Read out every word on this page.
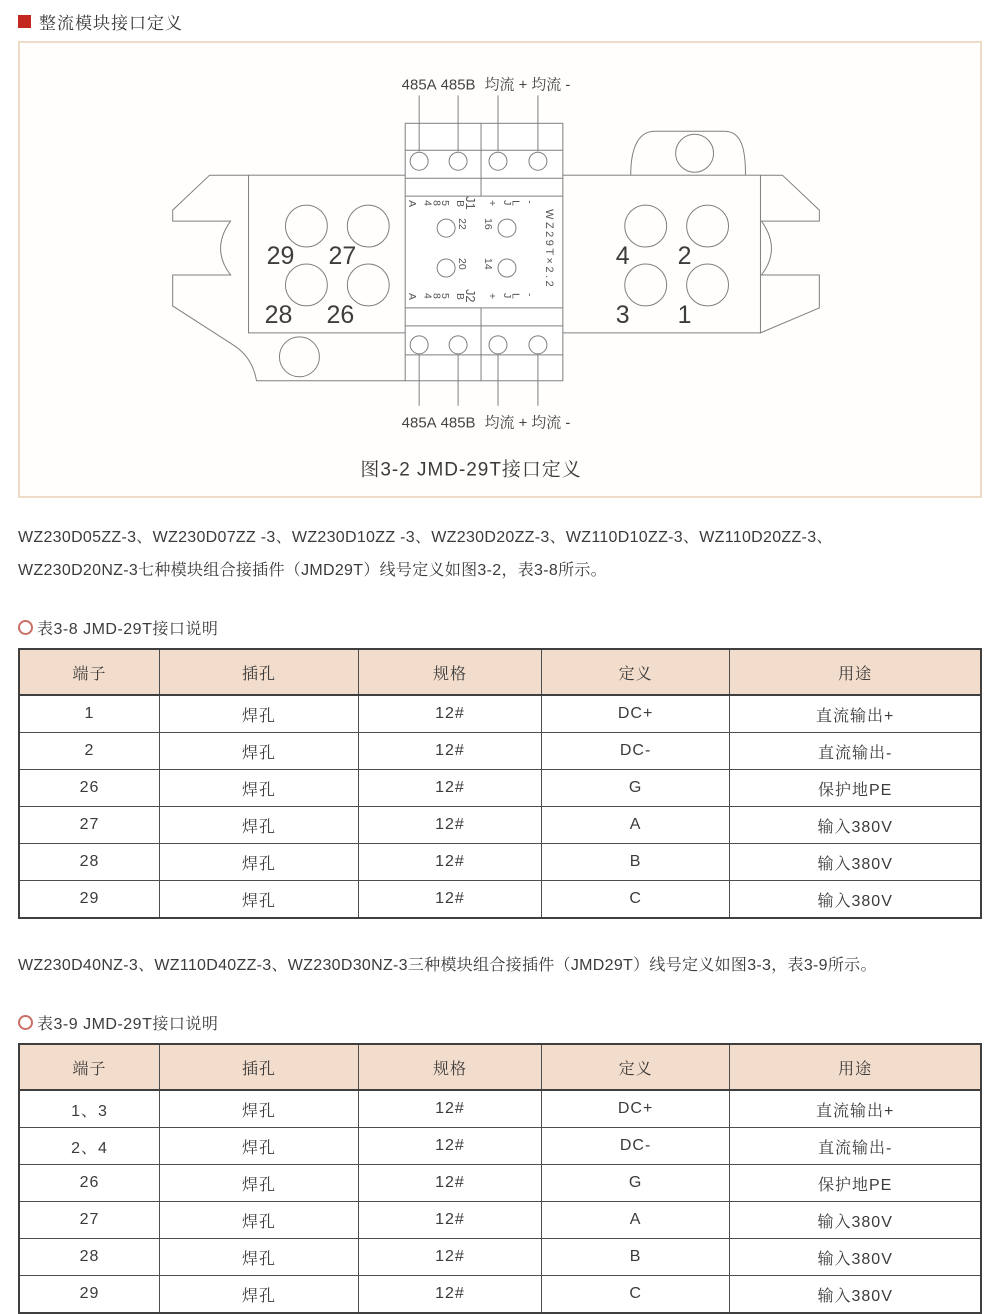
整流模块接口定义
485A 485B 均流 + 均流 -
485A 485B 均流 + 均流 -
29 27
28 26
4 2
3 1
A 485 B
J1 + JL -
22 16
20 14
A 485 B
J2 + JL -
WZ29T×2.2
图3-2 JMD-29T接口定义
WZ230D05ZZ-3、WZ230D07ZZ -3、WZ230D10ZZ -3、WZ230D20ZZ-3、WZ110D10ZZ-3、WZ110D20ZZ-3、
WZ230D20NZ-3七种模块组合接插件（JMD29T）线号定义如图3-2，表3-8所示。
表3-8 JMD-29T接口说明
端子	插孔	规格	定义	用途
1	焊孔	12#	DC+	直流输出+
2	焊孔	12#	DC-	直流输出-
26	焊孔	12#	G	保护地PE
27	焊孔	12#	A	输入380V
28	焊孔	12#	B	输入380V
29	焊孔	12#	C	输入380V
WZ230D40NZ-3、WZ110D40ZZ-3、WZ230D30NZ-3三种模块组合接插件（JMD29T）线号定义如图3-3，表3-9所示。
表3-9 JMD-29T接口说明
端子	插孔	规格	定义	用途
1、3	焊孔	12#	DC+	直流输出+
2、4	焊孔	12#	DC-	直流输出-
26	焊孔	12#	G	保护地PE
27	焊孔	12#	A	输入380V
28	焊孔	12#	B	输入380V
29	焊孔	12#	C	输入380V
